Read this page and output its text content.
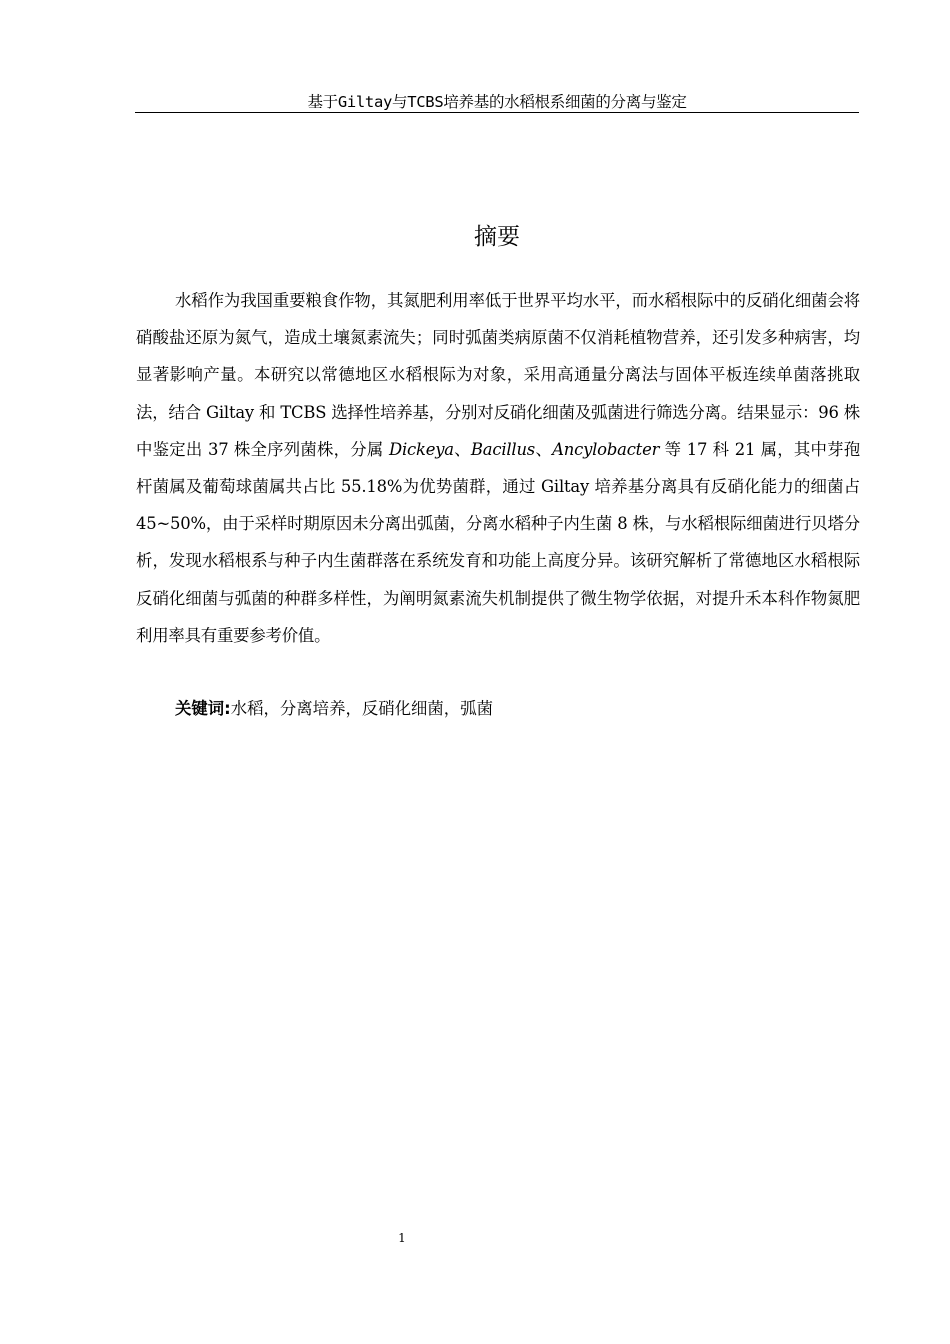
基于Giltay与TCBS培养基的水稻根系细菌的分离与鉴定
摘要

水稻作为我国重要粮食作物，其氮肥利用率低于世界平均水平，而水稻根际中的反硝化细菌会将硝酸盐还原为氮气，造成土壤氮素流失；同时弧菌类病原菌不仅消耗植物营养，还引发多种病害，均显著影响产量。本研究以常德地区水稻根际为对象，采用高通量分离法与固体平板连续单菌落挑取法，结合 Giltay 和 TCBS 选择性培养基，分别对反硝化细菌及弧菌进行筛选分离。结果显示：96 株中鉴定出 37 株全序列菌株，分属 Dickeya、Bacillus、Ancylobacter 等 17 科 21 属，其中芽孢杆菌属及葡萄球菌属共占比 55.18%为优势菌群，通过 Giltay 培养基分离具有反硝化能力的细菌占 45~50%，由于采样时期原因未分离出弧菌，分离水稻种子内生菌 8 株，与水稻根际细菌进行贝塔分析，发现水稻根系与种子内生菌群落在系统发育和功能上高度分异。该研究解析了常德地区水稻根际反硝化细菌与弧菌的种群多样性，为阐明氮素流失机制提供了微生物学依据，对提升禾本科作物氮肥利用率具有重要参考价值。

关键词:水稻，分离培养，反硝化细菌，弧菌
1
